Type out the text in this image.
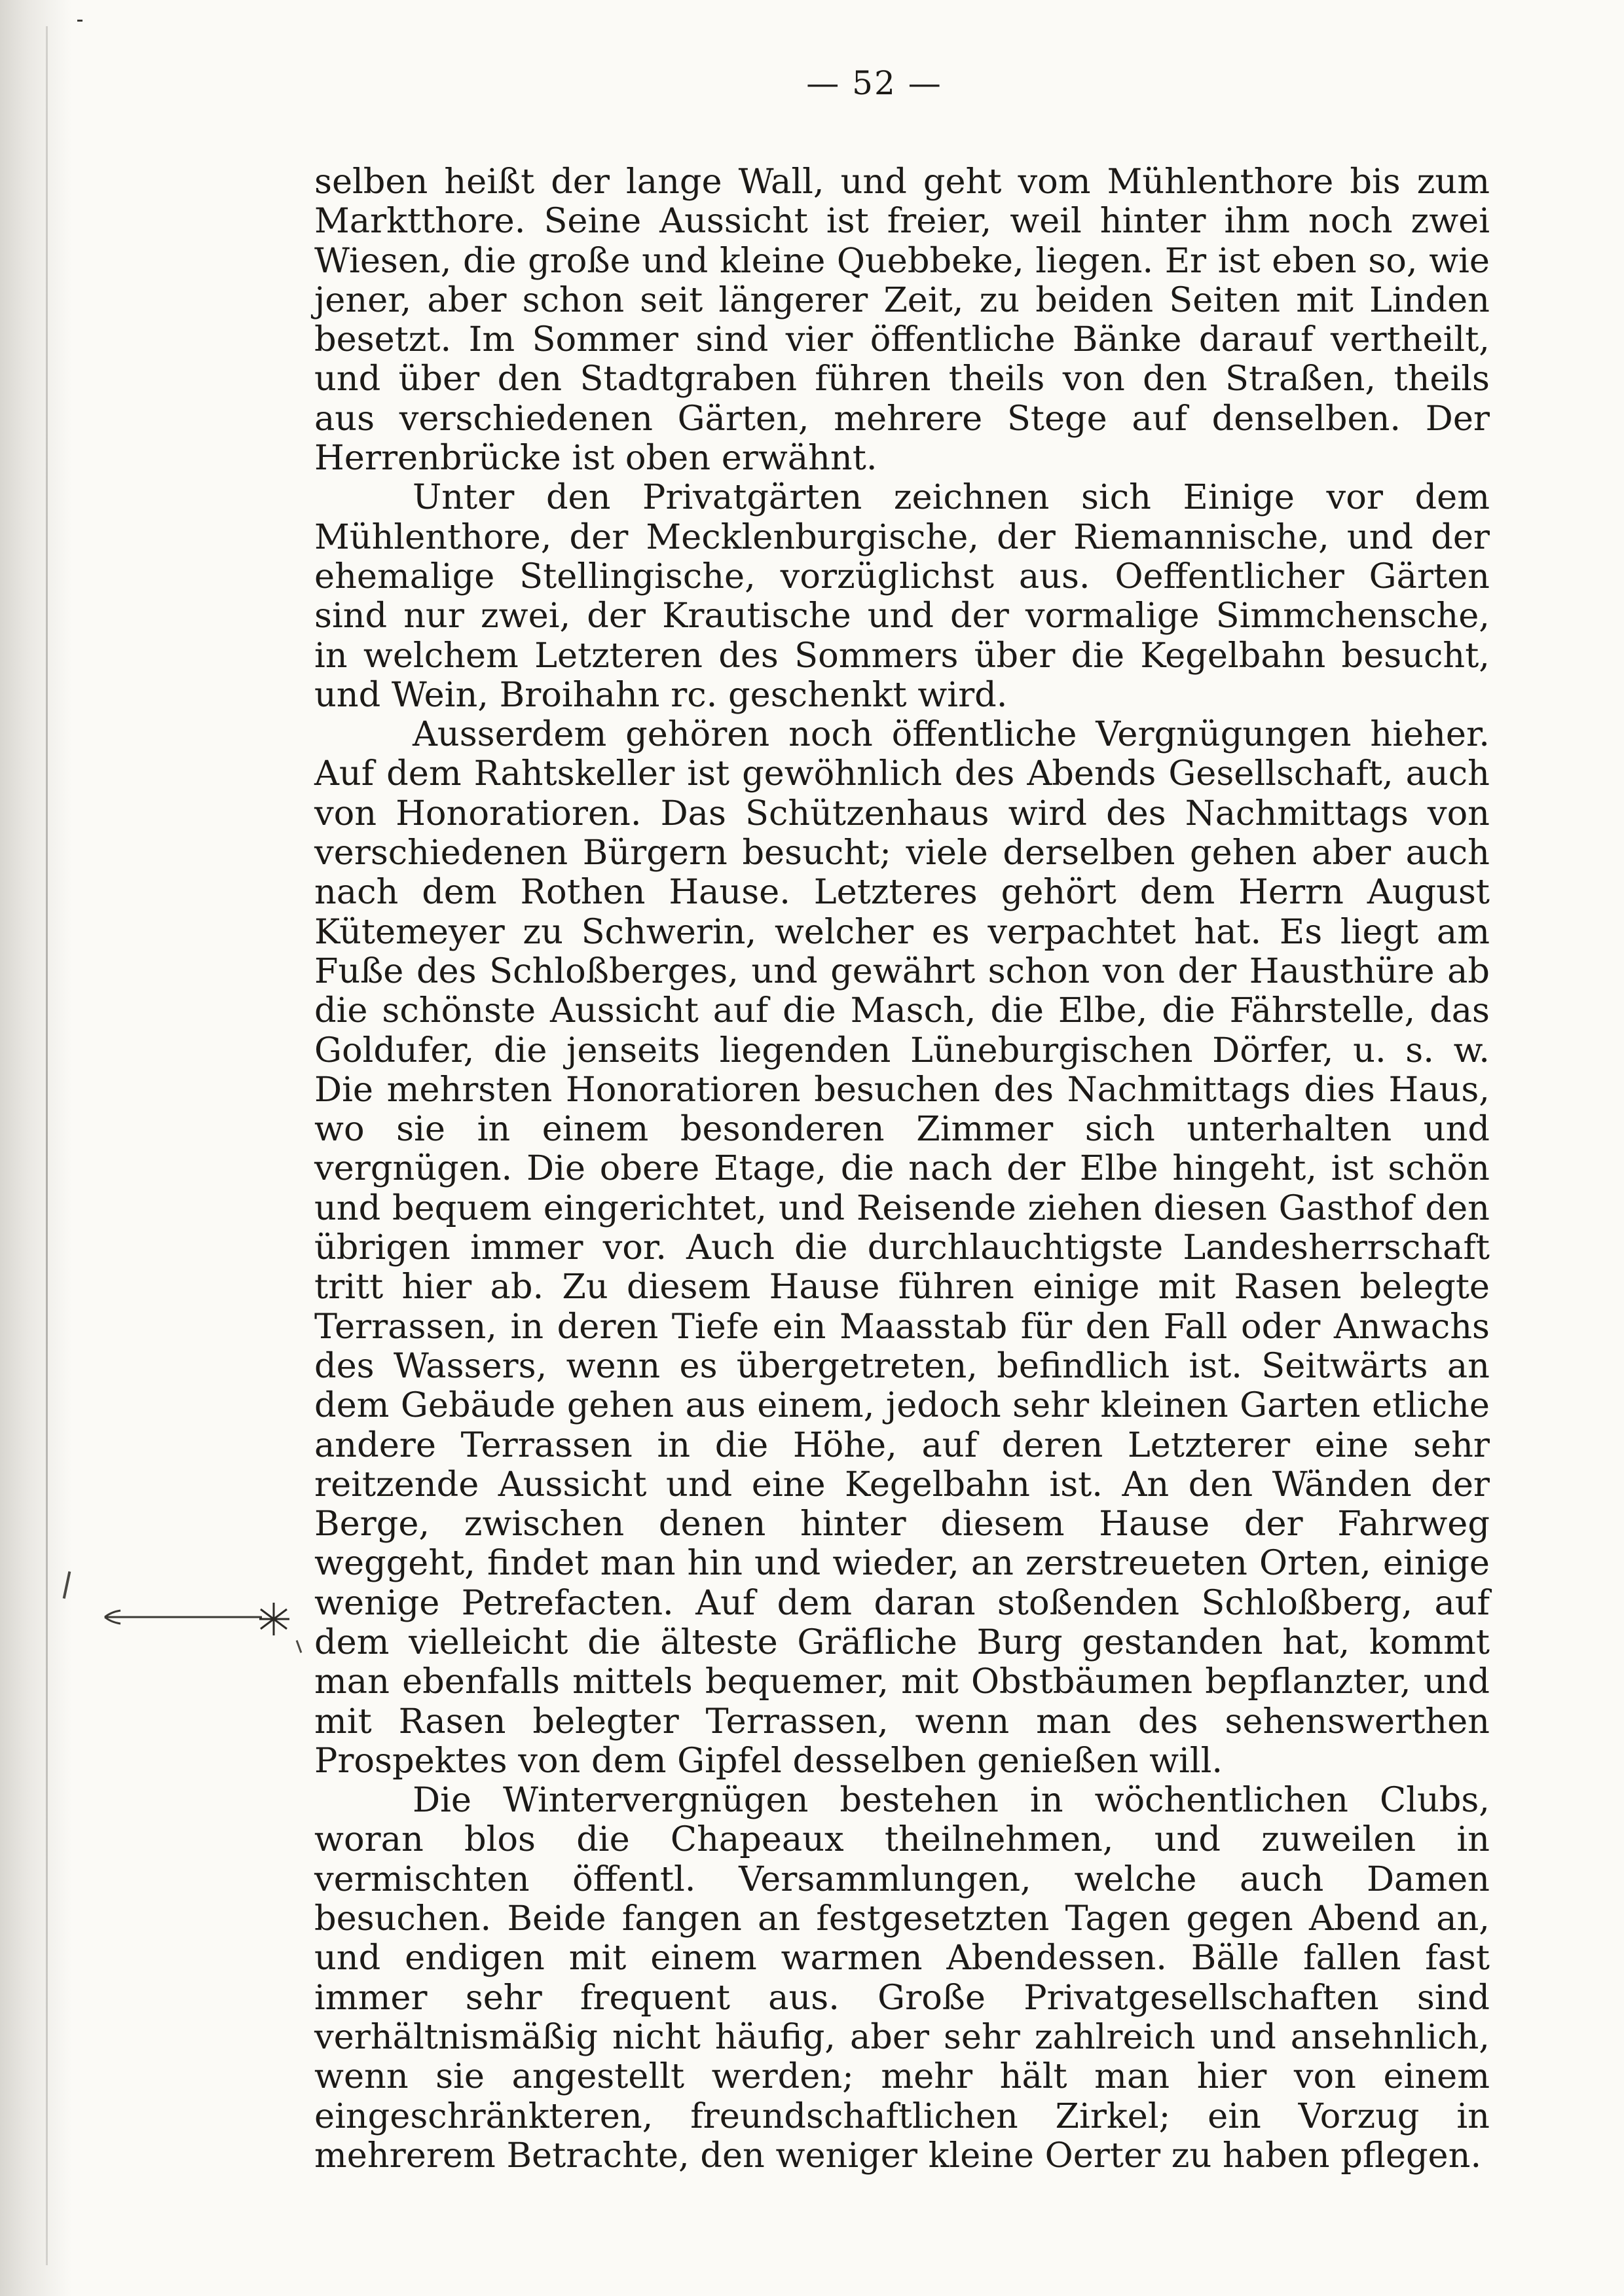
— 52 —

selben heißt der lange Wall, und geht vom Mühlenthore bis zum Marktthore. Seine Aussicht ist freier, weil hinter ihm noch zwei Wiesen, die große und kleine Quebbeke, liegen. Er ist eben so, wie jener, aber schon seit längerer Zeit, zu beiden Seiten mit Linden besetzt. Im Sommer sind vier öffentliche Bänke darauf vertheilt, und über den Stadtgraben führen theils von den Straßen, theils aus verschiedenen Gärten, mehrere Stege auf denselben. Der Herrenbrücke ist oben erwähnt.

Unter den Privatgärten zeichnen sich Einige vor dem Mühlenthore, der Mecklenburgische, der Riemannische, und der ehemalige Stellingische, vorzüglichst aus. Oeffentlicher Gärten sind nur zwei, der Krautische und der vormalige Simmchensche, in welchem Letzteren des Sommers über die Kegelbahn besucht, und Wein, Broihahn rc. geschenkt wird.

Ausserdem gehören noch öffentliche Vergnügungen hieher. Auf dem Rahtskeller ist gewöhnlich des Abends Gesellschaft, auch von Honoratioren. Das Schützenhaus wird des Nachmittags von verschiedenen Bürgern besucht; viele derselben gehen aber auch nach dem Rothen Hause. Letzteres gehört dem Herrn August Kütemeyer zu Schwerin, welcher es verpachtet hat. Es liegt am Fuße des Schloßberges, und gewährt schon von der Hausthüre ab die schönste Aussicht auf die Masch, die Elbe, die Fährstelle, das Goldufer, die jenseits liegenden Lüneburgischen Dörfer, u. s. w. Die mehrsten Honoratioren besuchen des Nachmittags dies Haus, wo sie in einem besonderen Zimmer sich unterhalten und vergnügen. Die obere Etage, die nach der Elbe hingeht, ist schön und bequem eingerichtet, und Reisende ziehen diesen Gasthof den übrigen immer vor. Auch die durchlauchtigste Landesherrschaft tritt hier ab. Zu diesem Hause führen einige mit Rasen belegte Terrassen, in deren Tiefe ein Maasstab für den Fall oder Anwachs des Wassers, wenn es übergetreten, befindlich ist. Seitwärts an dem Gebäude gehen aus einem, jedoch sehr kleinen Garten etliche andere Terrassen in die Höhe, auf deren Letzterer eine sehr reitzende Aussicht und eine Kegelbahn ist. An den Wänden der Berge, zwischen denen hinter diesem Hause der Fahrweg weggeht, findet man hin und wieder, an zerstreueten Orten, einige wenige Petrefacten. Auf dem daran stoßenden Schloßberg, auf dem vielleicht die älteste Gräfliche Burg gestanden hat, kommt man ebenfalls mittels bequemer, mit Obstbäumen bepflanzter, und mit Rasen belegter Terrassen, wenn man des sehenswerthen Prospektes von dem Gipfel desselben genießen will.

Die Wintervergnügen bestehen in wöchentlichen Clubs, woran blos die Chapeaux theilnehmen, und zuweilen in vermischten öffentl. Versammlungen, welche auch Damen besuchen. Beide fangen an festgesetzten Tagen gegen Abend an, und endigen mit einem warmen Abendessen. Bälle fallen fast immer sehr frequent aus. Große Privatgesellschaften sind verhältnismäßig nicht häufig, aber sehr zahlreich und ansehnlich, wenn sie angestellt werden; mehr hält man hier von einem eingeschränkteren, freundschaftlichen Zirkel; ein Vorzug in mehrerem Betrachte, den weniger kleine Oerter zu haben pflegen.
